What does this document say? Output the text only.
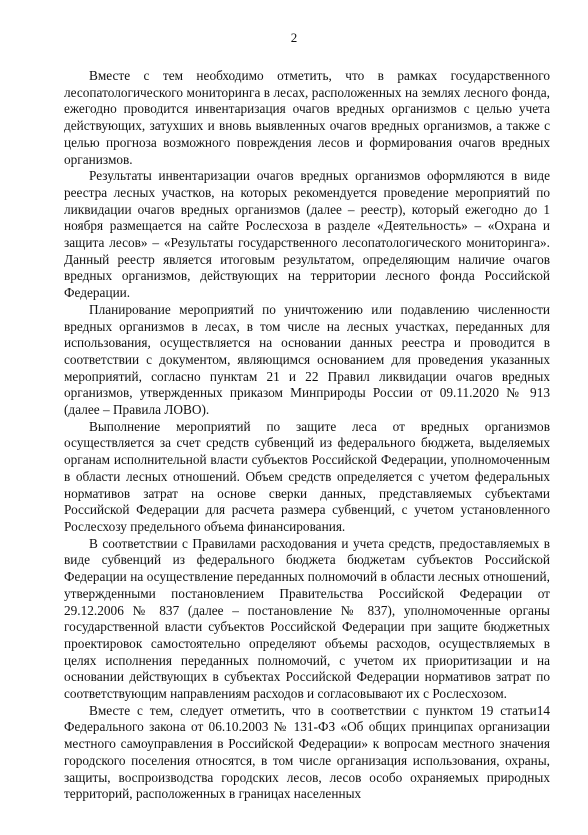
2

Вместе с тем необходимо отметить, что в рамках государственного лесопатологического мониторинга в лесах, расположенных на землях лесного фонда, ежегодно проводится инвентаризация очагов вредных организмов с целью учета действующих, затухших и вновь выявленных очагов вредных организмов, а также с целью прогноза возможного повреждения лесов и формирования очагов вредных организмов.

Результаты инвентаризации очагов вредных организмов оформляются в виде реестра лесных участков, на которых рекомендуется проведение мероприятий по ликвидации очагов вредных организмов (далее – реестр), который ежегодно до 1 ноября размещается на сайте Рослесхоза в разделе «Деятельность» – «Охрана и защита лесов» – «Результаты государственного лесопатологического мониторинга». Данный реестр является итоговым результатом, определяющим наличие очагов вредных организмов, действующих на территории лесного фонда Российской Федерации.

Планирование мероприятий по уничтожению или подавлению численности вредных организмов в лесах, в том числе на лесных участках, переданных для использования, осуществляется на основании данных реестра и проводится в соответствии с документом, являющимся основанием для проведения указанных мероприятий, согласно пунктам 21 и 22 Правил ликвидации очагов вредных организмов, утвержденных приказом Минприроды России от 09.11.2020 № 913 (далее – Правила ЛОВО).

Выполнение мероприятий по защите леса от вредных организмов осуществляется за счет средств субвенций из федерального бюджета, выделяемых органам исполнительной власти субъектов Российской Федерации, уполномоченным в области лесных отношений. Объем средств определяется с учетом федеральных нормативов затрат на основе сверки данных, представляемых субъектами Российской Федерации для расчета размера субвенций, с учетом установленного Рослесхозу предельного объема финансирования.

В соответствии с Правилами расходования и учета средств, предоставляемых в виде субвенций из федерального бюджета бюджетам субъектов Российской Федерации на осуществление переданных полномочий в области лесных отношений, утвержденными постановлением Правительства Российской Федерации от 29.12.2006 № 837 (далее – постановление № 837), уполномоченные органы государственной власти субъектов Российской Федерации при защите бюджетных проектировок самостоятельно определяют объемы расходов, осуществляемых в целях исполнения переданных полномочий, с учетом их приоритизации и на основании действующих в субъектах Российской Федерации нормативов затрат по соответствующим направлениям расходов и согласовывают их с Рослесхозом.

Вместе с тем, следует отметить, что в соответствии с пунктом 19 статьи14 Федерального закона от 06.10.2003 № 131-ФЗ «Об общих принципах организации местного самоуправления в Российской Федерации» к вопросам местного значения городского поселения относятся, в том числе организация использования, охраны, защиты, воспроизводства городских лесов, лесов особо охраняемых природных территорий, расположенных в границах населенных
